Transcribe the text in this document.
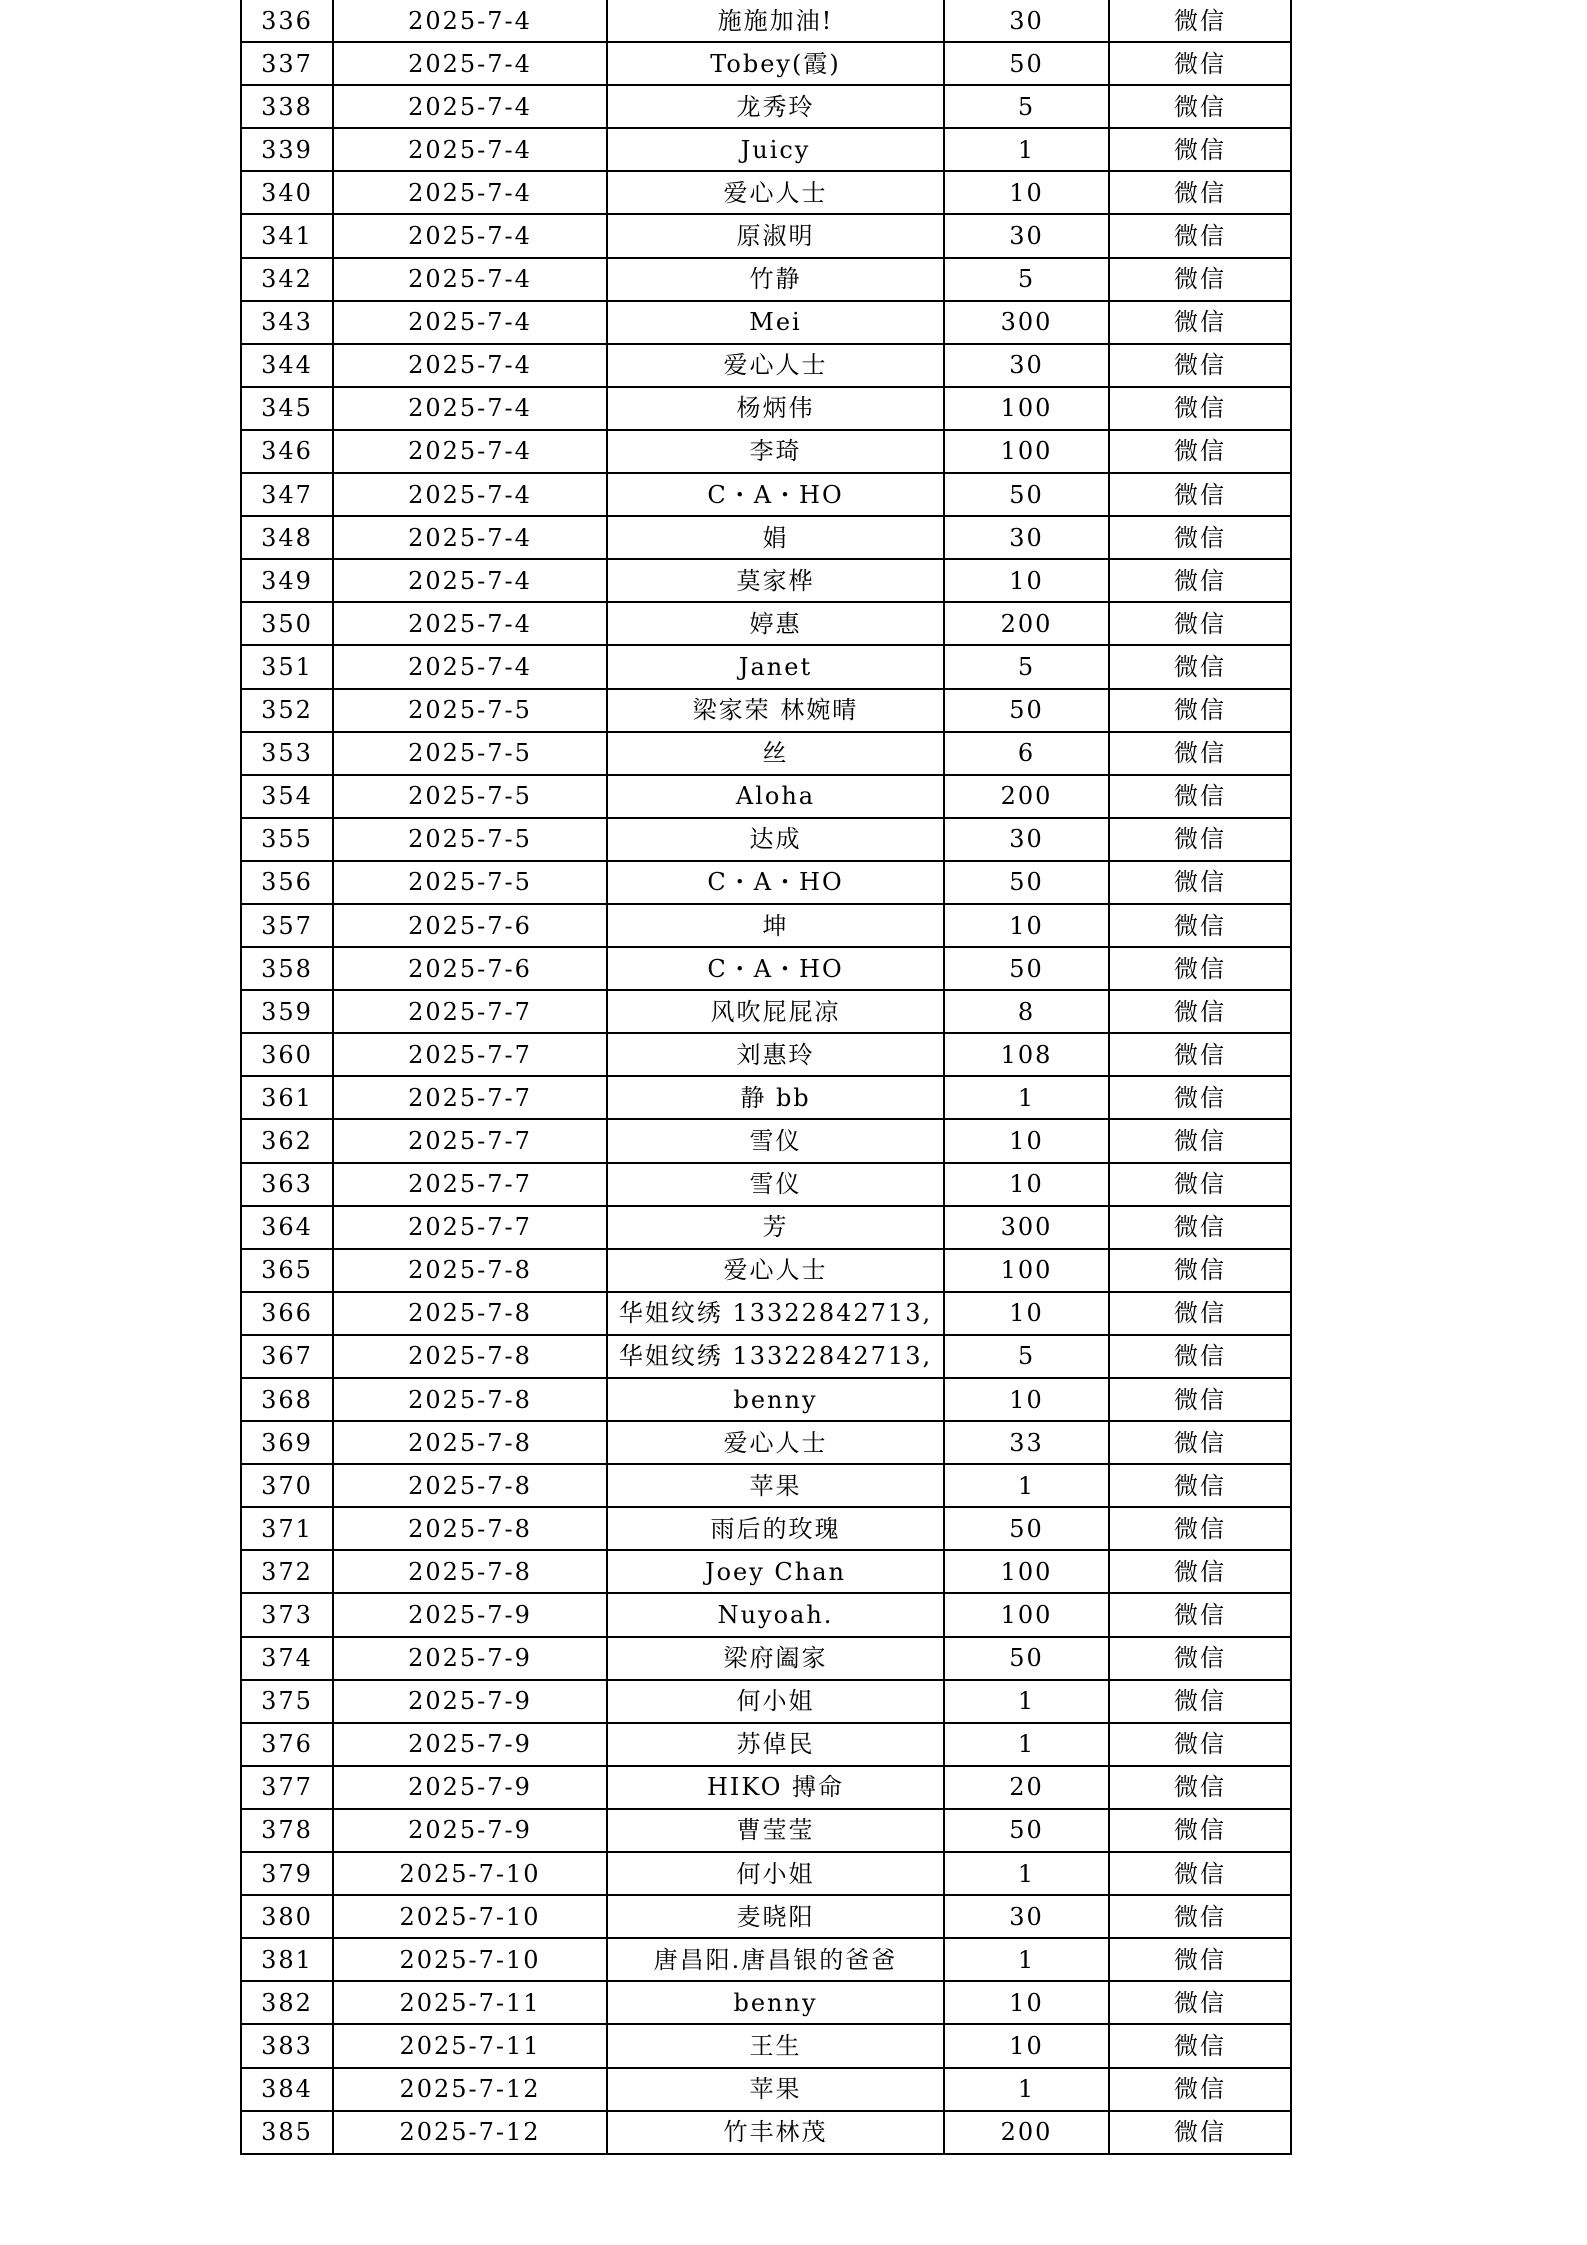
336	2025-7-4	施施加油!	30	微信
337	2025-7-4	Tobey(霞)	50	微信
338	2025-7-4	龙秀玲	5	微信
339	2025-7-4	Juicy	1	微信
340	2025-7-4	爱心人士	10	微信
341	2025-7-4	原淑明	30	微信
342	2025-7-4	竹静	5	微信
343	2025-7-4	Mei	300	微信
344	2025-7-4	爱心人士	30	微信
345	2025-7-4	杨炳伟	100	微信
346	2025-7-4	李琦	100	微信
347	2025-7-4	C・A・HO	50	微信
348	2025-7-4	娟	30	微信
349	2025-7-4	莫家桦	10	微信
350	2025-7-4	婷惠	200	微信
351	2025-7-4	Janet	5	微信
352	2025-7-5	梁家荣 林婉晴	50	微信
353	2025-7-5	丝	6	微信
354	2025-7-5	Aloha	200	微信
355	2025-7-5	达成	30	微信
356	2025-7-5	C・A・HO	50	微信
357	2025-7-6	坤	10	微信
358	2025-7-6	C・A・HO	50	微信
359	2025-7-7	风吹屁屁凉	8	微信
360	2025-7-7	刘惠玲	108	微信
361	2025-7-7	静 bb	1	微信
362	2025-7-7	雪仪	10	微信
363	2025-7-7	雪仪	10	微信
364	2025-7-7	芳	300	微信
365	2025-7-8	爱心人士	100	微信
366	2025-7-8	华姐纹绣 13322842713,	10	微信
367	2025-7-8	华姐纹绣 13322842713,	5	微信
368	2025-7-8	benny	10	微信
369	2025-7-8	爱心人士	33	微信
370	2025-7-8	苹果	1	微信
371	2025-7-8	雨后的玫瑰	50	微信
372	2025-7-8	Joey Chan	100	微信
373	2025-7-9	Nuyoah.	100	微信
374	2025-7-9	梁府阖家	50	微信
375	2025-7-9	何小姐	1	微信
376	2025-7-9	苏倬民	1	微信
377	2025-7-9	HIKO 搏命	20	微信
378	2025-7-9	曹莹莹	50	微信
379	2025-7-10	何小姐	1	微信
380	2025-7-10	麦晓阳	30	微信
381	2025-7-10	唐昌阳.唐昌银的爸爸	1	微信
382	2025-7-11	benny	10	微信
383	2025-7-11	王生	10	微信
384	2025-7-12	苹果	1	微信
385	2025-7-12	竹丰林茂	200	微信
